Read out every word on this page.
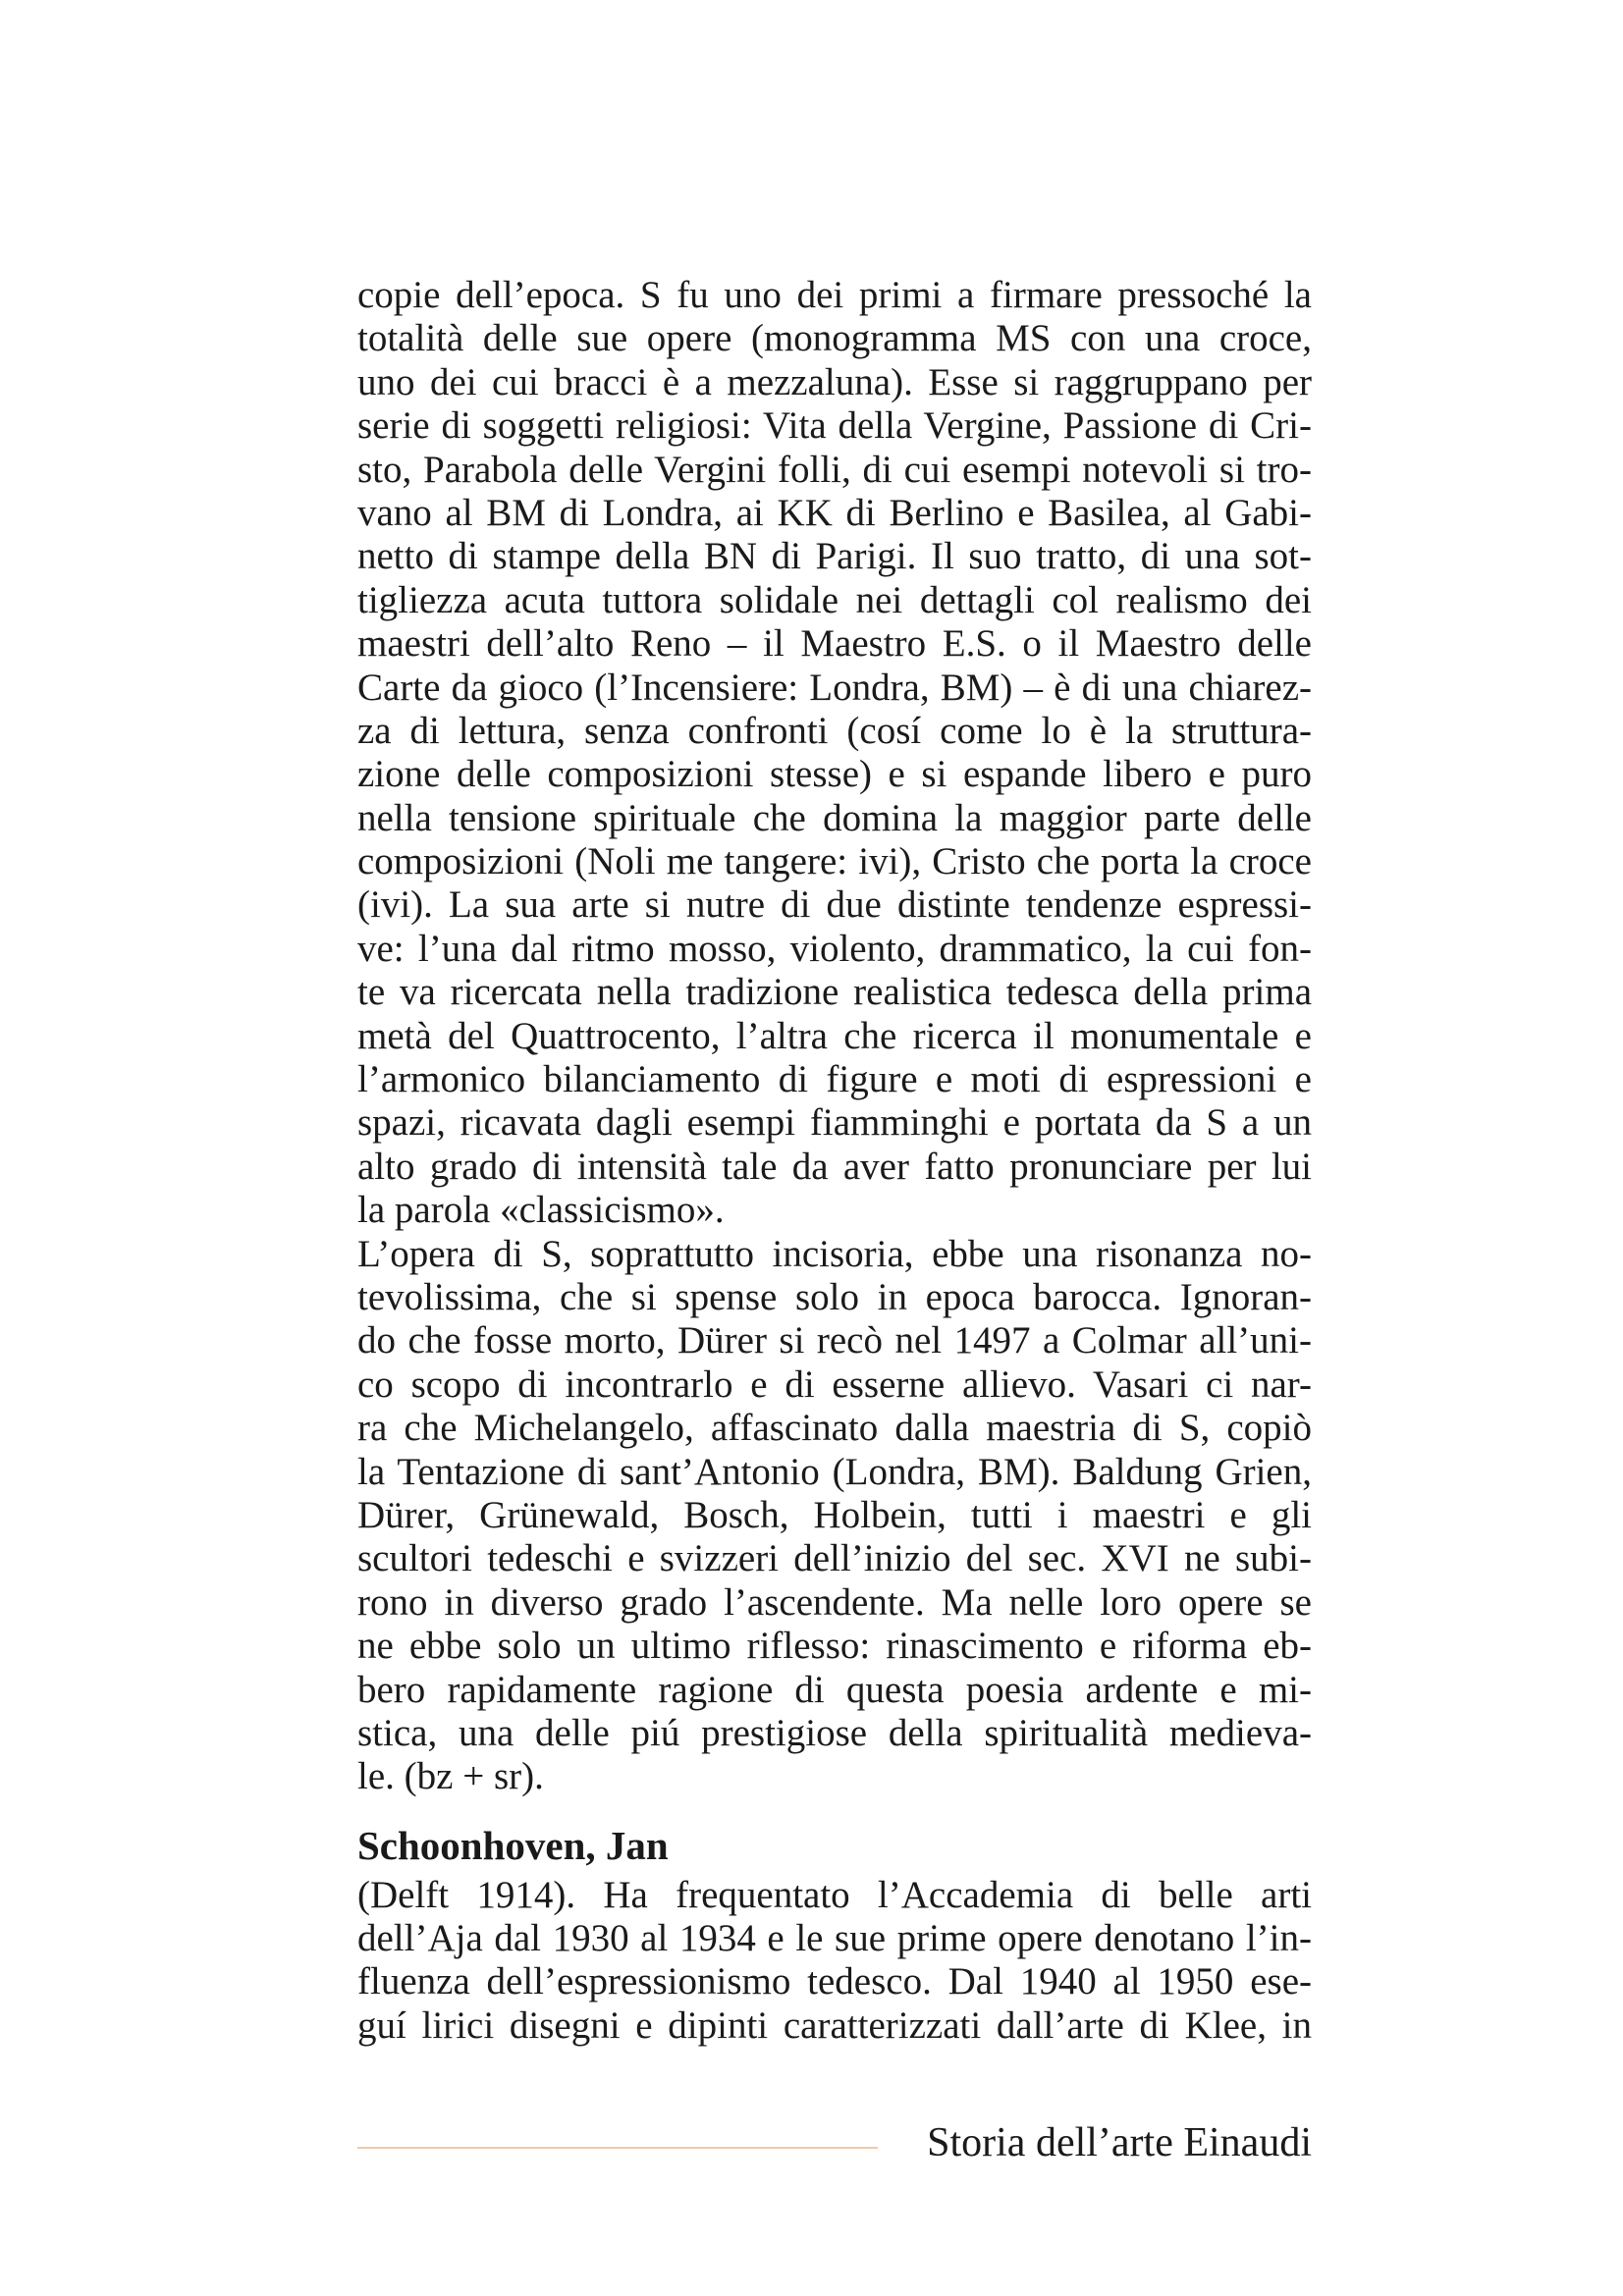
copie dell’epoca. S fu uno dei primi a firmare pressoché la
totalità delle sue opere (monogramma MS con una croce,
uno dei cui bracci è a mezzaluna). Esse si raggruppano per
serie di soggetti religiosi: Vita della Vergine, Passione di Cri-
sto, Parabola delle Vergini folli, di cui esempi notevoli si tro-
vano al BM di Londra, ai KK di Berlino e Basilea, al Gabi-
netto di stampe della BN di Parigi. Il suo tratto, di una sot-
tigliezza acuta tuttora solidale nei dettagli col realismo dei
maestri dell’alto Reno – il Maestro E.S. o il Maestro delle
Carte da gioco (l’Incensiere: Londra, BM) – è di una chiarez-
za di lettura, senza confronti (cosí come lo è la struttura-
zione delle composizioni stesse) e si espande libero e puro
nella tensione spirituale che domina la maggior parte delle
composizioni (Noli me tangere: ivi), Cristo che porta la croce
(ivi). La sua arte si nutre di due distinte tendenze espressi-
ve: l’una dal ritmo mosso, violento, drammatico, la cui fon-
te va ricercata nella tradizione realistica tedesca della prima
metà del Quattrocento, l’altra che ricerca il monumentale e
l’armonico bilanciamento di figure e moti di espressioni e
spazi, ricavata dagli esempi fiamminghi e portata da S a un
alto grado di intensità tale da aver fatto pronunciare per lui
la parola «classicismo».
L’opera di S, soprattutto incisoria, ebbe una risonanza no-
tevolissima, che si spense solo in epoca barocca. Ignoran-
do che fosse morto, Dürer si recò nel 1497 a Colmar all’uni-
co scopo di incontrarlo e di esserne allievo. Vasari ci nar-
ra che Michelangelo, affascinato dalla maestria di S, copiò
la Tentazione di sant’Antonio (Londra, BM). Baldung Grien,
Dürer, Grünewald, Bosch, Holbein, tutti i maestri e gli
scultori tedeschi e svizzeri dell’inizio del sec. XVI ne subi-
rono in diverso grado l’ascendente. Ma nelle loro opere se
ne ebbe solo un ultimo riflesso: rinascimento e riforma eb-
bero rapidamente ragione di questa poesia ardente e mi-
stica, una delle piú prestigiose della spiritualità medieva-
le. (bz + sr).
Schoonhoven, Jan
(Delft 1914). Ha frequentato l’Accademia di belle arti
dell’Aja dal 1930 al 1934 e le sue prime opere denotano l’in-
fluenza dell’espressionismo tedesco. Dal 1940 al 1950 ese-
guí lirici disegni e dipinti caratterizzati dall’arte di Klee, in
Storia dell’arte Einaudi
